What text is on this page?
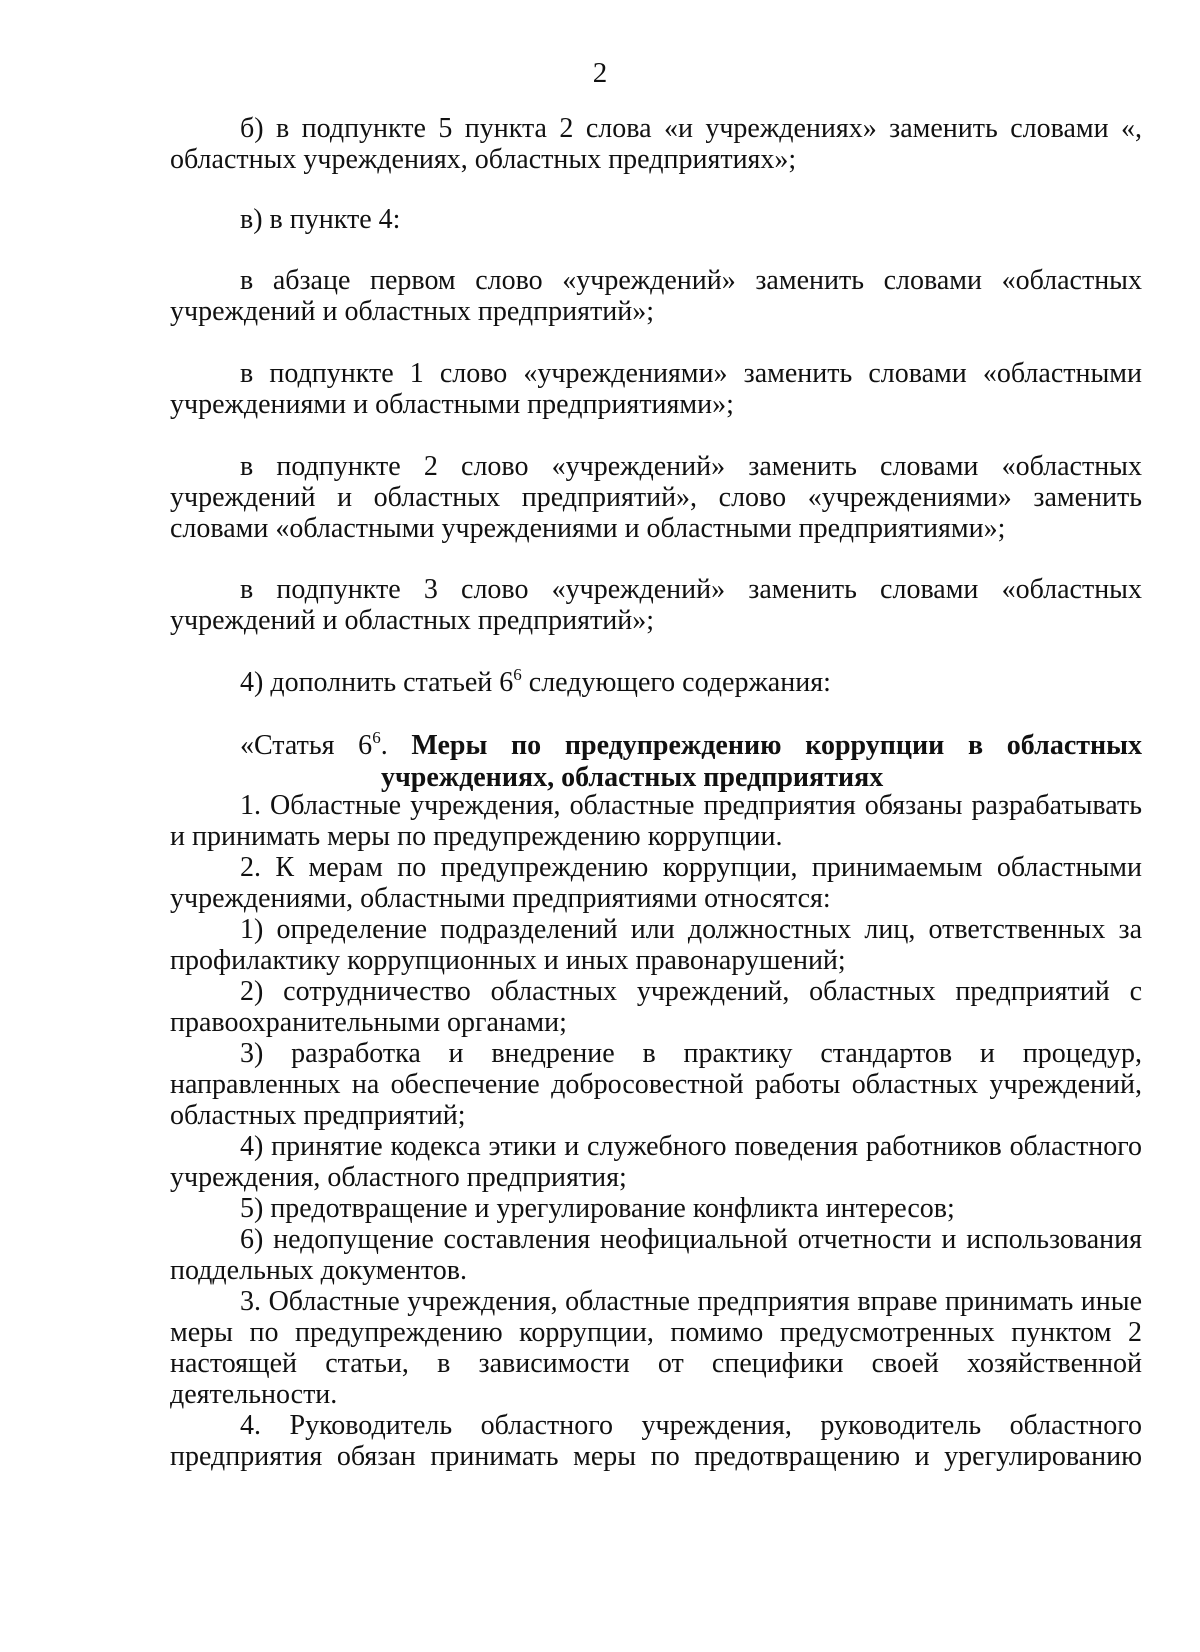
2
б) в подпункте 5 пункта 2 слова «и учреждениях» заменить словами «, областных учреждениях, областных предприятиях»;
в) в пункте 4:
в абзаце первом слово «учреждений» заменить словами «областных учреждений и областных предприятий»;
в подпункте 1 слово «учреждениями» заменить словами «областными учреждениями и областными предприятиями»;
в подпункте 2 слово «учреждений» заменить словами «областных учреждений и областных предприятий», слово «учреждениями» заменить словами «областными учреждениями и областными предприятиями»;
в подпункте 3 слово «учреждений» заменить словами «областных учреждений и областных предприятий»;
4) дополнить статьей $6^6$ следующего содержания:
«Статья $6^6$. Меры по предупреждению коррупции в областных
учреждениях, областных предприятиях
1. Областные учреждения, областные предприятия обязаны разрабатывать и принимать меры по предупреждению коррупции.
2. К мерам по предупреждению коррупции, принимаемым областными учреждениями, областными предприятиями относятся:
1) определение подразделений или должностных лиц, ответственных за профилактику коррупционных и иных правонарушений;
2) сотрудничество областных учреждений, областных предприятий с правоохранительными органами;
3) разработка и внедрение в практику стандартов и процедур, направленных на обеспечение добросовестной работы областных учреждений, областных предприятий;
4) принятие кодекса этики и служебного поведения работников областного учреждения, областного предприятия;
5) предотвращение и урегулирование конфликта интересов;
6) недопущение составления неофициальной отчетности и использования поддельных документов.
3. Областные учреждения, областные предприятия вправе принимать иные меры по предупреждению коррупции, помимо предусмотренных пунктом 2 настоящей статьи, в зависимости от специфики своей хозяйственной деятельности.
4. Руководитель областного учреждения, руководитель областного предприятия обязан принимать меры по предотвращению и урегулированию
